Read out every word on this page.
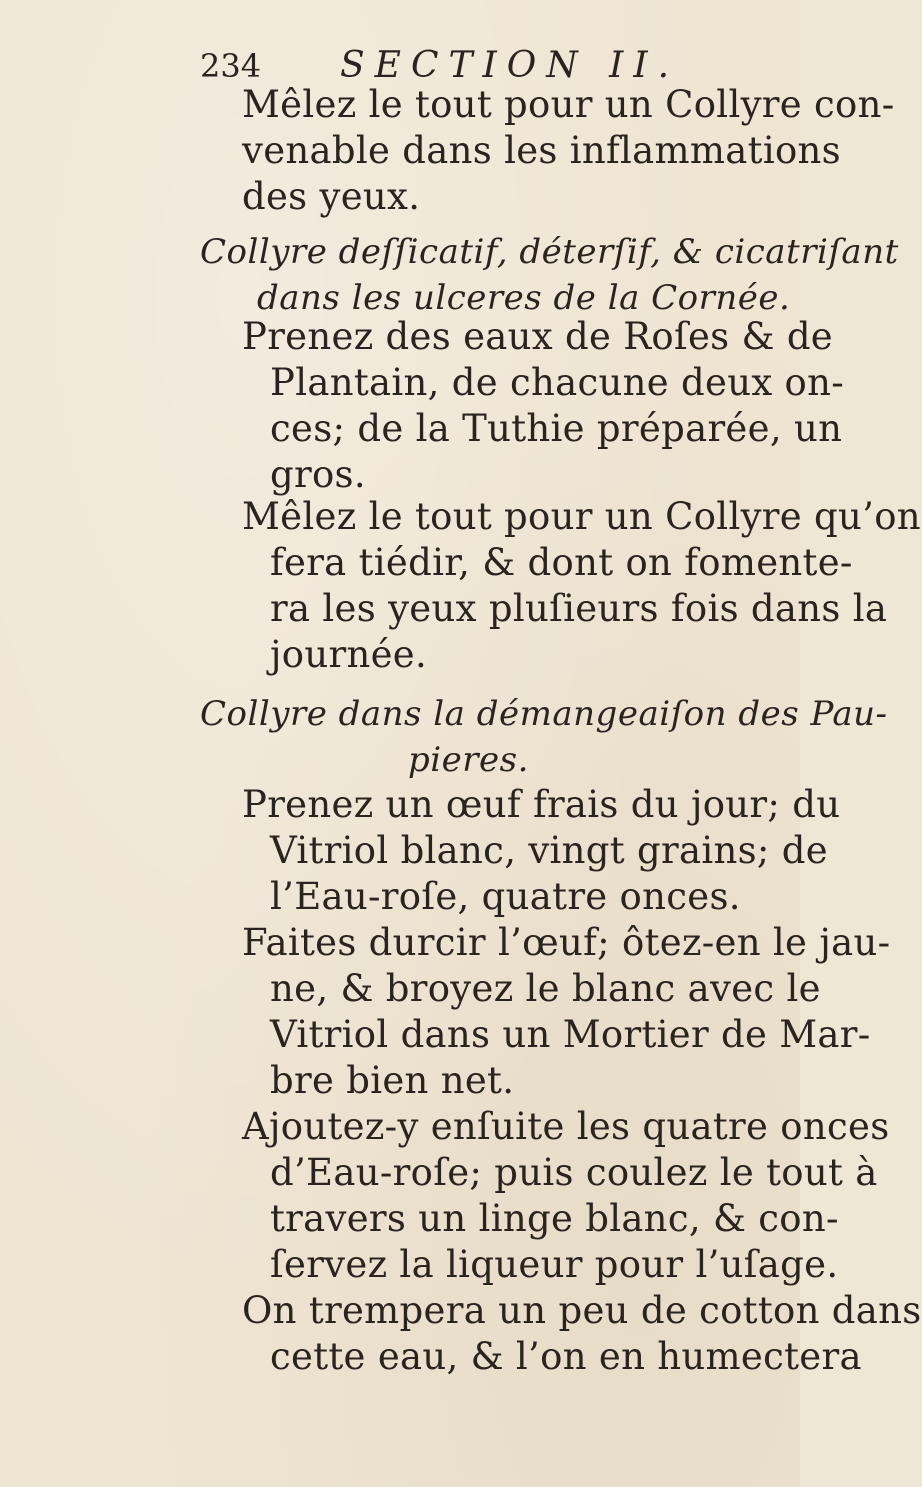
234 SECTION II.
Mêlez le tout pour un Collyre con-
venable dans les inflammations
des yeux.
Collyre deſſicatif, déterſif, & cicatriſant
dans les ulceres de la Cornée.
Prenez des eaux de Roſes & de
Plantain, de chacune deux on-
ces; de la Tuthie préparée, un
gros.
Mêlez le tout pour un Collyre qu’on
fera tiédir, & dont on fomente-
ra les yeux pluſieurs fois dans la
journée.
Collyre dans la démangeaiſon des Pau-
pieres.
Prenez un œuf frais du jour; du
Vitriol blanc, vingt grains; de
l’Eau-roſe, quatre onces.
Faites durcir l’œuf; ôtez-en le jau-
ne, & broyez le blanc avec le
Vitriol dans un Mortier de Mar-
bre bien net.
Ajoutez-y enſuite les quatre onces
d’Eau-roſe; puis coulez le tout à
travers un linge blanc, & con-
ſervez la liqueur pour l’uſage.
On trempera un peu de cotton dans
cette eau, & l’on en humectera
